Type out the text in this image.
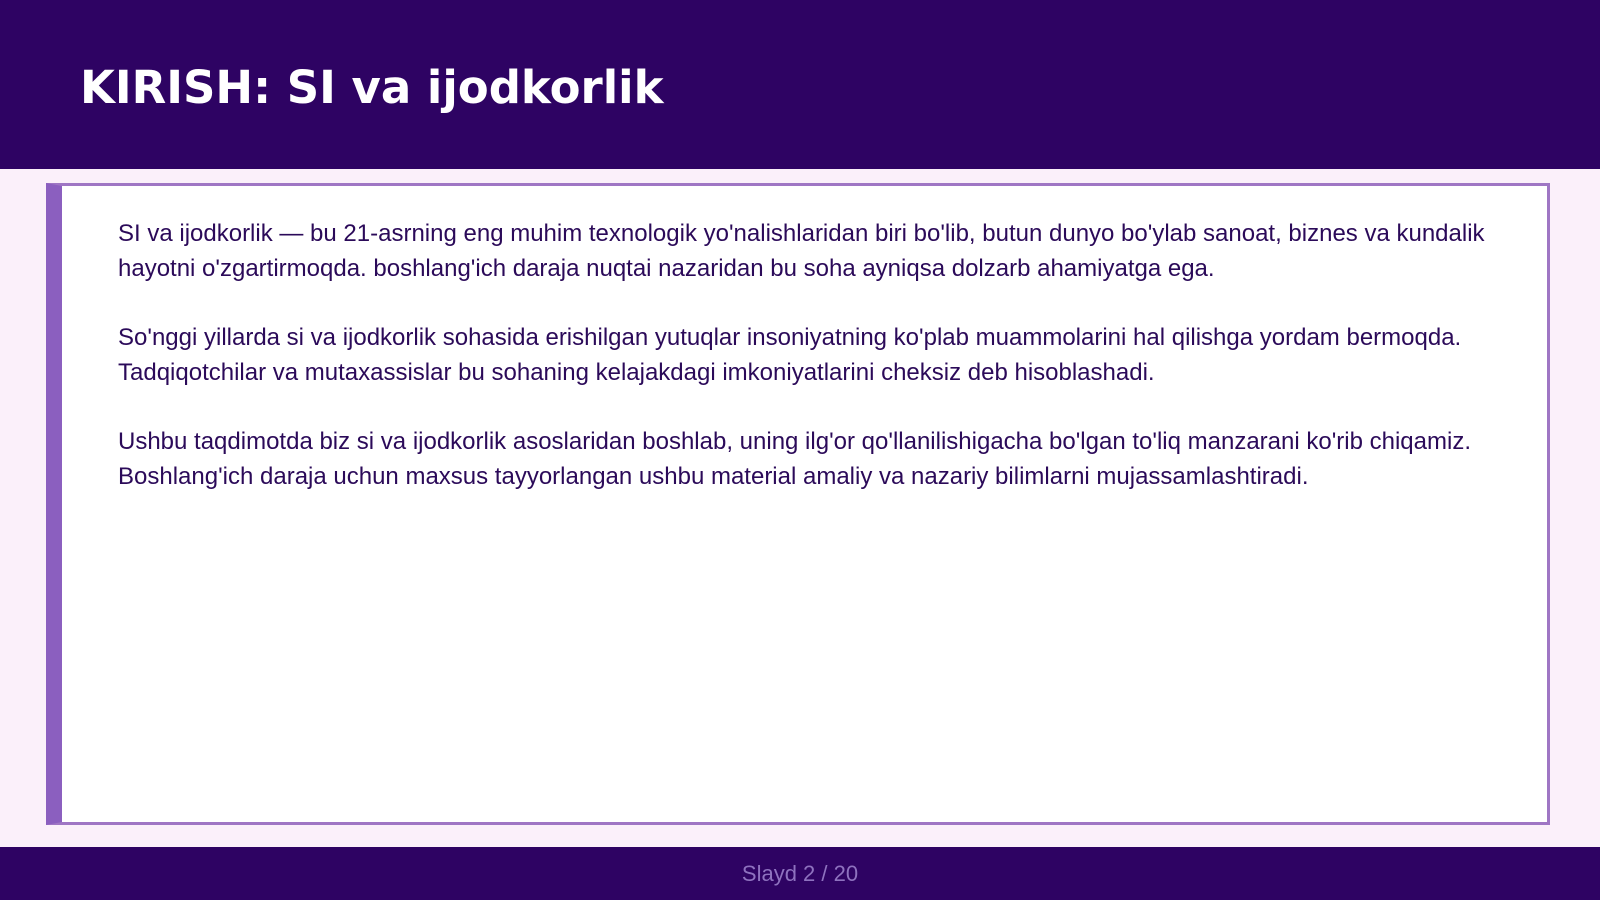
KIRISH: SI va ijodkorlik

SI va ijodkorlik — bu 21-asrning eng muhim texnologik yo'nalishlaridan biri bo'lib, butun dunyo bo'ylab sanoat, biznes va kundalik hayotni o'zgartirmoqda. boshlang'ich daraja nuqtai nazaridan bu soha ayniqsa dolzarb ahamiyatga ega.

So'nggi yillarda si va ijodkorlik sohasida erishilgan yutuqlar insoniyatning ko'plab muammolarini hal qilishga yordam bermoqda. Tadqiqotchilar va mutaxassislar bu sohaning kelajakdagi imkoniyatlarini cheksiz deb hisoblashadi.

Ushbu taqdimotda biz si va ijodkorlik asoslaridan boshlab, uning ilg'or qo'llanilishigacha bo'lgan to'liq manzarani ko'rib chiqamiz. Boshlang'ich daraja uchun maxsus tayyorlangan ushbu material amaliy va nazariy bilimlarni mujassamlashtiradi.

Slayd 2 / 20
